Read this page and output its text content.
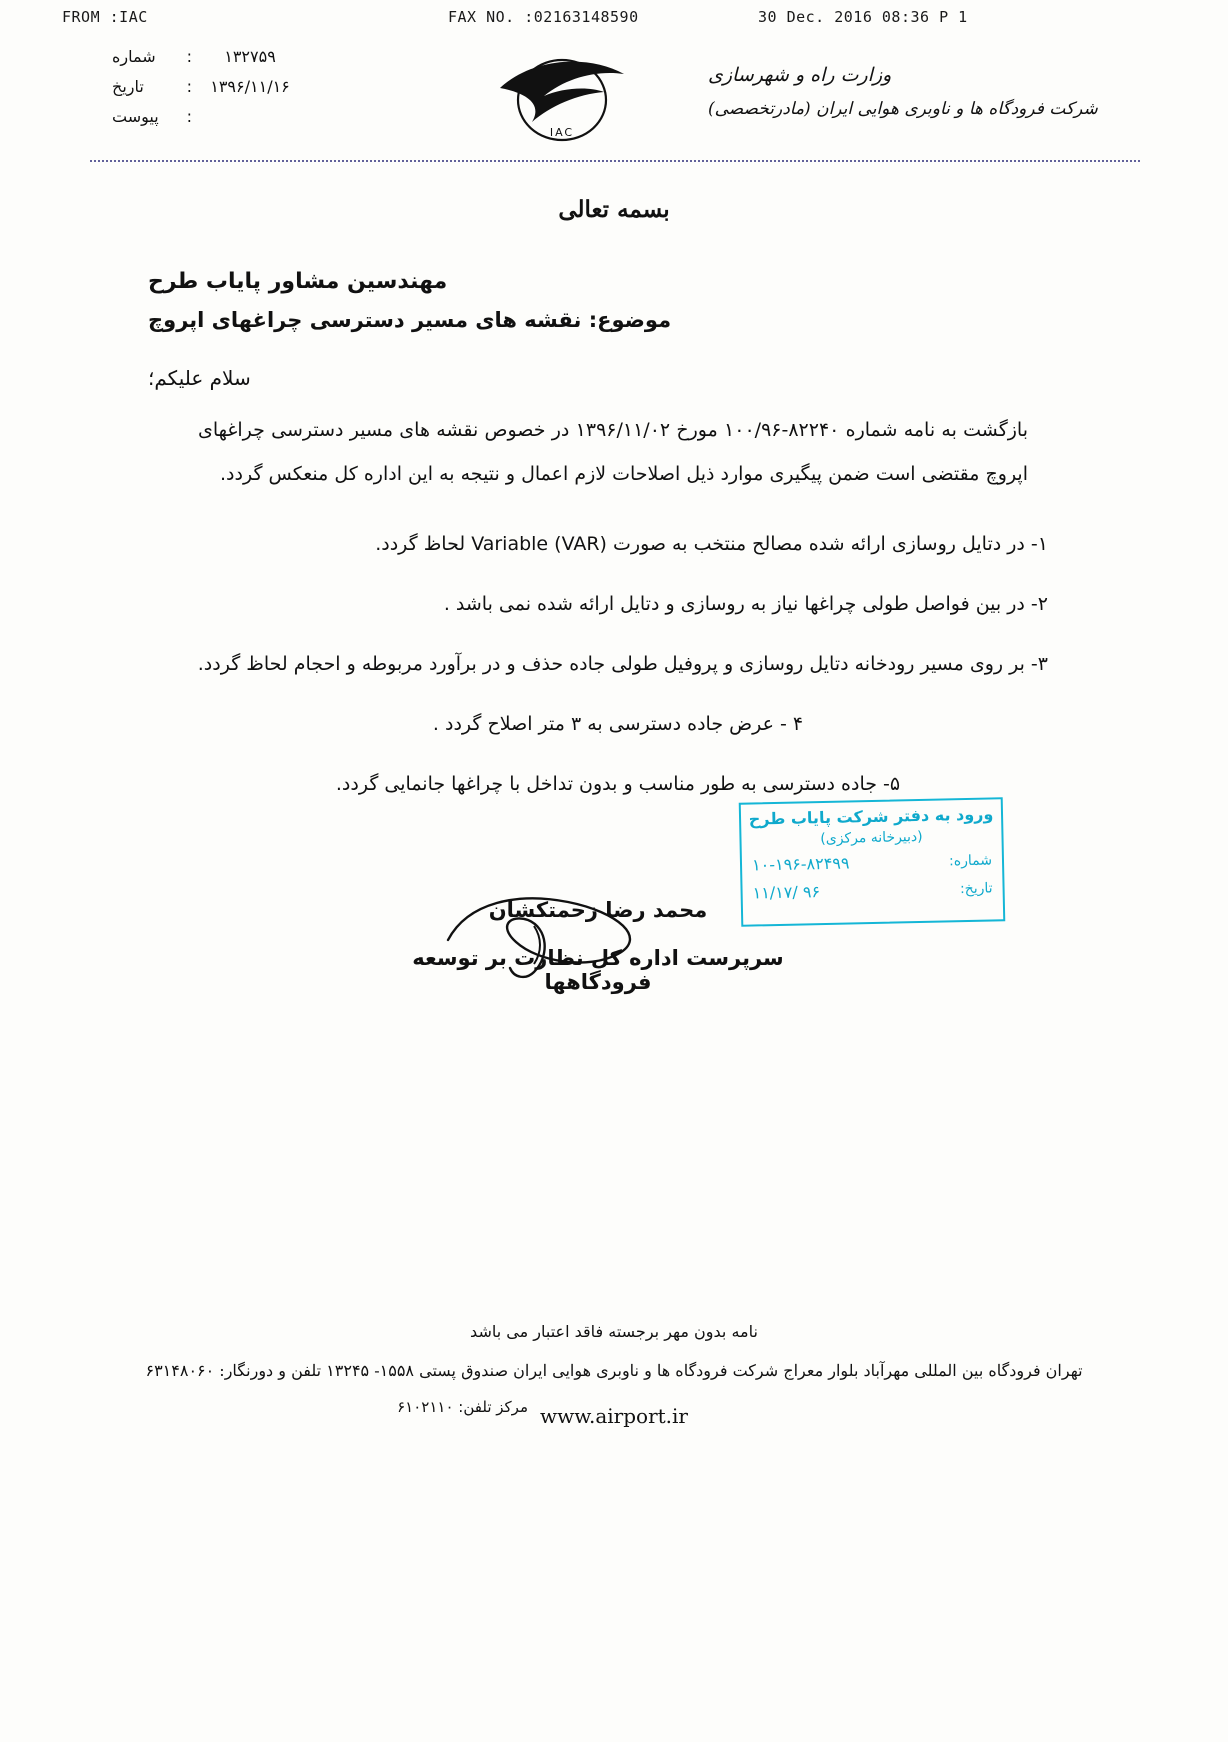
FROM :IAC	FAX NO. :02163148590	30 Dec. 2016 08:36 P 1
۱۳۲۷۵۹
:
شماره
۱۳۹۶/۱۱/۱۶
:
تاریخ
:
پیوست
IAC
وزارت راه و شهرسازی
شرکت فرودگاه ها و ناوبری هوایی ایران (مادرتخصصی)
بسمه تعالی
مهندسین مشاور پایاب طرح
موضوع: نقشه های مسیر دسترسی چراغهای اپروچ
سلام علیکم؛
بازگشت به نامه شماره ۸۲۲۴۰-۱۰۰/۹۶ مورخ ۱۳۹۶/۱۱/۰۲ در خصوص نقشه های مسیر دسترسی چراغهای اپروچ مقتضی است ضمن پیگیری موارد ذیل اصلاحات لازم اعمال و نتیجه به این اداره کل منعکس گردد.
۱- در دتایل روسازی ارائه شده مصالح منتخب به صورت Variable (VAR) لحاظ گردد.
۲- در بین فواصل طولی چراغها نیاز به روسازی و دتایل ارائه شده نمی باشد .
۳- بر روی مسیر رودخانه دتایل روسازی و پروفیل طولی جاده حذف و در برآورد مربوطه و احجام لحاظ گردد.
۴ - عرض جاده دسترسی به ۳ متر اصلاح گردد .
۵- جاده دسترسی به طور مناسب و بدون تداخل با چراغها جانمایی گردد.
ورود به دفتر شرکت پایاب طرح
(دبیرخانه مرکزی)
شماره:
۱۰-۱۹۶-۸۲۴۹۹
تاریخ:
۹۶ /۱۱/۱۷
محمد رضا زحمتکشان
سرپرست اداره کل نظارت بر توسعه فرودگاهها
نامه بدون مهر برجسته فاقد اعتبار می باشد
تهران فرودگاه بین المللی مهرآباد بلوار معراج شرکت فرودگاه ها و ناوبری هوایی ایران صندوق پستی ۱۵۵۸- ۱۳۲۴۵ تلفن و دورنگار: ۶۳۱۴۸۰۶۰
مرکز تلفن: ۶۱۰۲۱۱۰ www.airport.ir
